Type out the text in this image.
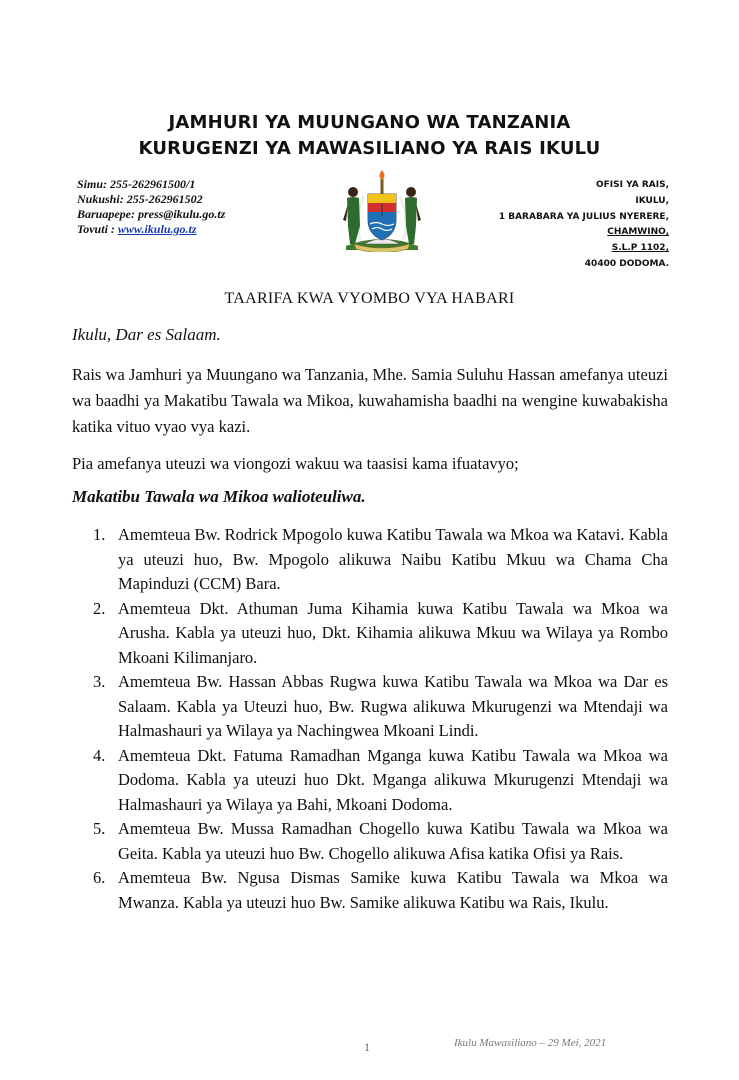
JAMHURI YA MUUNGANO WA TANZANIA
KURUGENZI YA MAWASILIANO YA RAIS IKULU
Simu: 255-262961500/1
Nukushi: 255-262961502
Baruapepe: press@ikulu.go.tz
Tovuti : www.ikulu.go.tz
OFISI YA RAIS,
IKULU,
1 BARABARA YA JULIUS NYERERE,
CHAMWINO,
S.L.P 1102,
40400 DODOMA.
TAARIFA KWA VYOMBO VYA HABARI
Ikulu, Dar es Salaam.
Rais wa Jamhuri ya Muungano wa Tanzania, Mhe. Samia Suluhu Hassan amefanya uteuzi wa baadhi ya Makatibu Tawala wa Mikoa, kuwahamisha baadhi na wengine kuwabakisha katika vituo vyao vya kazi.
Pia amefanya uteuzi wa viongozi wakuu wa taasisi kama ifuatavyo;
Makatibu Tawala wa Mikoa walioteuliwa.
1. Amemteua Bw. Rodrick Mpogolo kuwa Katibu Tawala wa Mkoa wa Katavi. Kabla ya uteuzi huo, Bw. Mpogolo alikuwa Naibu Katibu Mkuu wa Chama Cha Mapinduzi (CCM) Bara.
2. Amemteua Dkt. Athuman Juma Kihamia kuwa Katibu Tawala wa Mkoa wa Arusha. Kabla ya uteuzi huo, Dkt. Kihamia alikuwa Mkuu wa Wilaya ya Rombo Mkoani Kilimanjaro.
3. Amemteua Bw. Hassan Abbas Rugwa kuwa Katibu Tawala wa Mkoa wa Dar es Salaam. Kabla ya Uteuzi huo, Bw. Rugwa alikuwa Mkurugenzi wa Mtendaji wa Halmashauri ya Wilaya ya Nachingwea Mkoani Lindi.
4. Amemteua Dkt. Fatuma Ramadhan Mganga kuwa Katibu Tawala wa Mkoa wa Dodoma. Kabla ya uteuzi huo Dkt. Mganga alikuwa Mkurugenzi Mtendaji wa Halmashauri ya Wilaya ya Bahi, Mkoani Dodoma.
5. Amemteua Bw. Mussa Ramadhan Chogello kuwa Katibu Tawala wa Mkoa wa Geita. Kabla ya uteuzi huo Bw. Chogello alikuwa Afisa katika Ofisi ya Rais.
6. Amemteua Bw. Ngusa Dismas Samike kuwa Katibu Tawala wa Mkoa wa Mwanza. Kabla ya uteuzi huo Bw. Samike alikuwa Katibu wa Rais, Ikulu.
1	Ikulu Mawasiliano – 29 Mei, 2021
